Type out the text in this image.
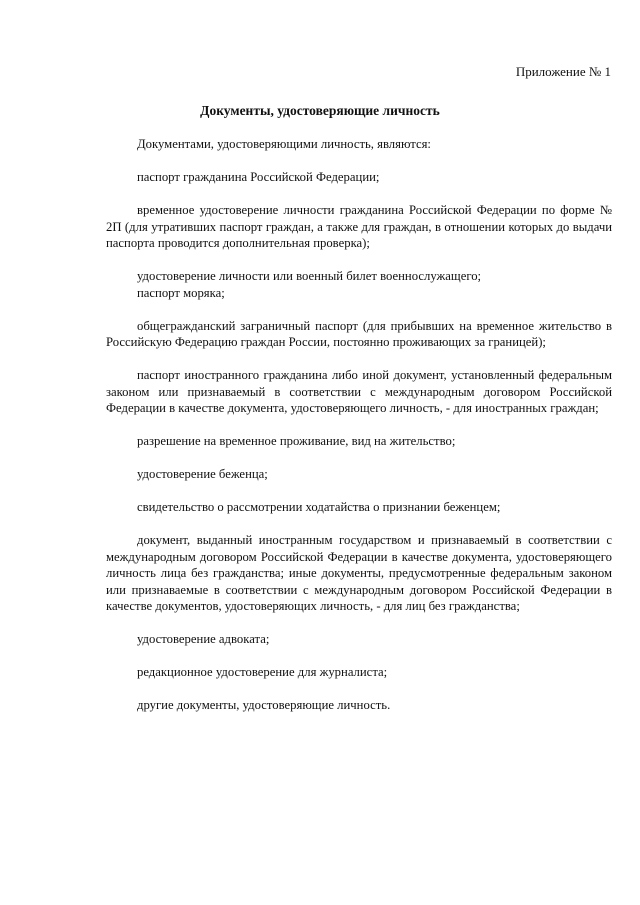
Приложение № 1
Документы, удостоверяющие личность

Документами, удостоверяющими личность, являются:

паспорт гражданина Российской Федерации;

временное удостоверение личности гражданина Российской Федерации по форме № 2П (для утративших паспорт граждан, а также для граждан, в отношении которых до выдачи паспорта проводится дополнительная проверка);

удостоверение личности или военный билет военнослужащего;

паспорт моряка;

общегражданский заграничный паспорт (для прибывших на временное жительство в Российскую Федерацию граждан России, постоянно проживающих за границей);

паспорт иностранного гражданина либо иной документ, установленный федеральным законом или признаваемый в соответствии с международным договором Российской Федерации в качестве документа, удостоверяющего личность, - для иностранных граждан;

разрешение на временное проживание, вид на жительство;

удостоверение беженца;

свидетельство о рассмотрении ходатайства о признании беженцем;

документ, выданный иностранным государством и признаваемый в соответствии с международным договором Российской Федерации в качестве документа, удостоверяющего личность лица без гражданства; иные документы, предусмотренные федеральным законом или признаваемые в соответствии с международным договором Российской Федерации в качестве документов, удостоверяющих личность, - для лиц без гражданства;

удостоверение адвоката;

редакционное удостоверение для журналиста;

другие документы, удостоверяющие личность.
